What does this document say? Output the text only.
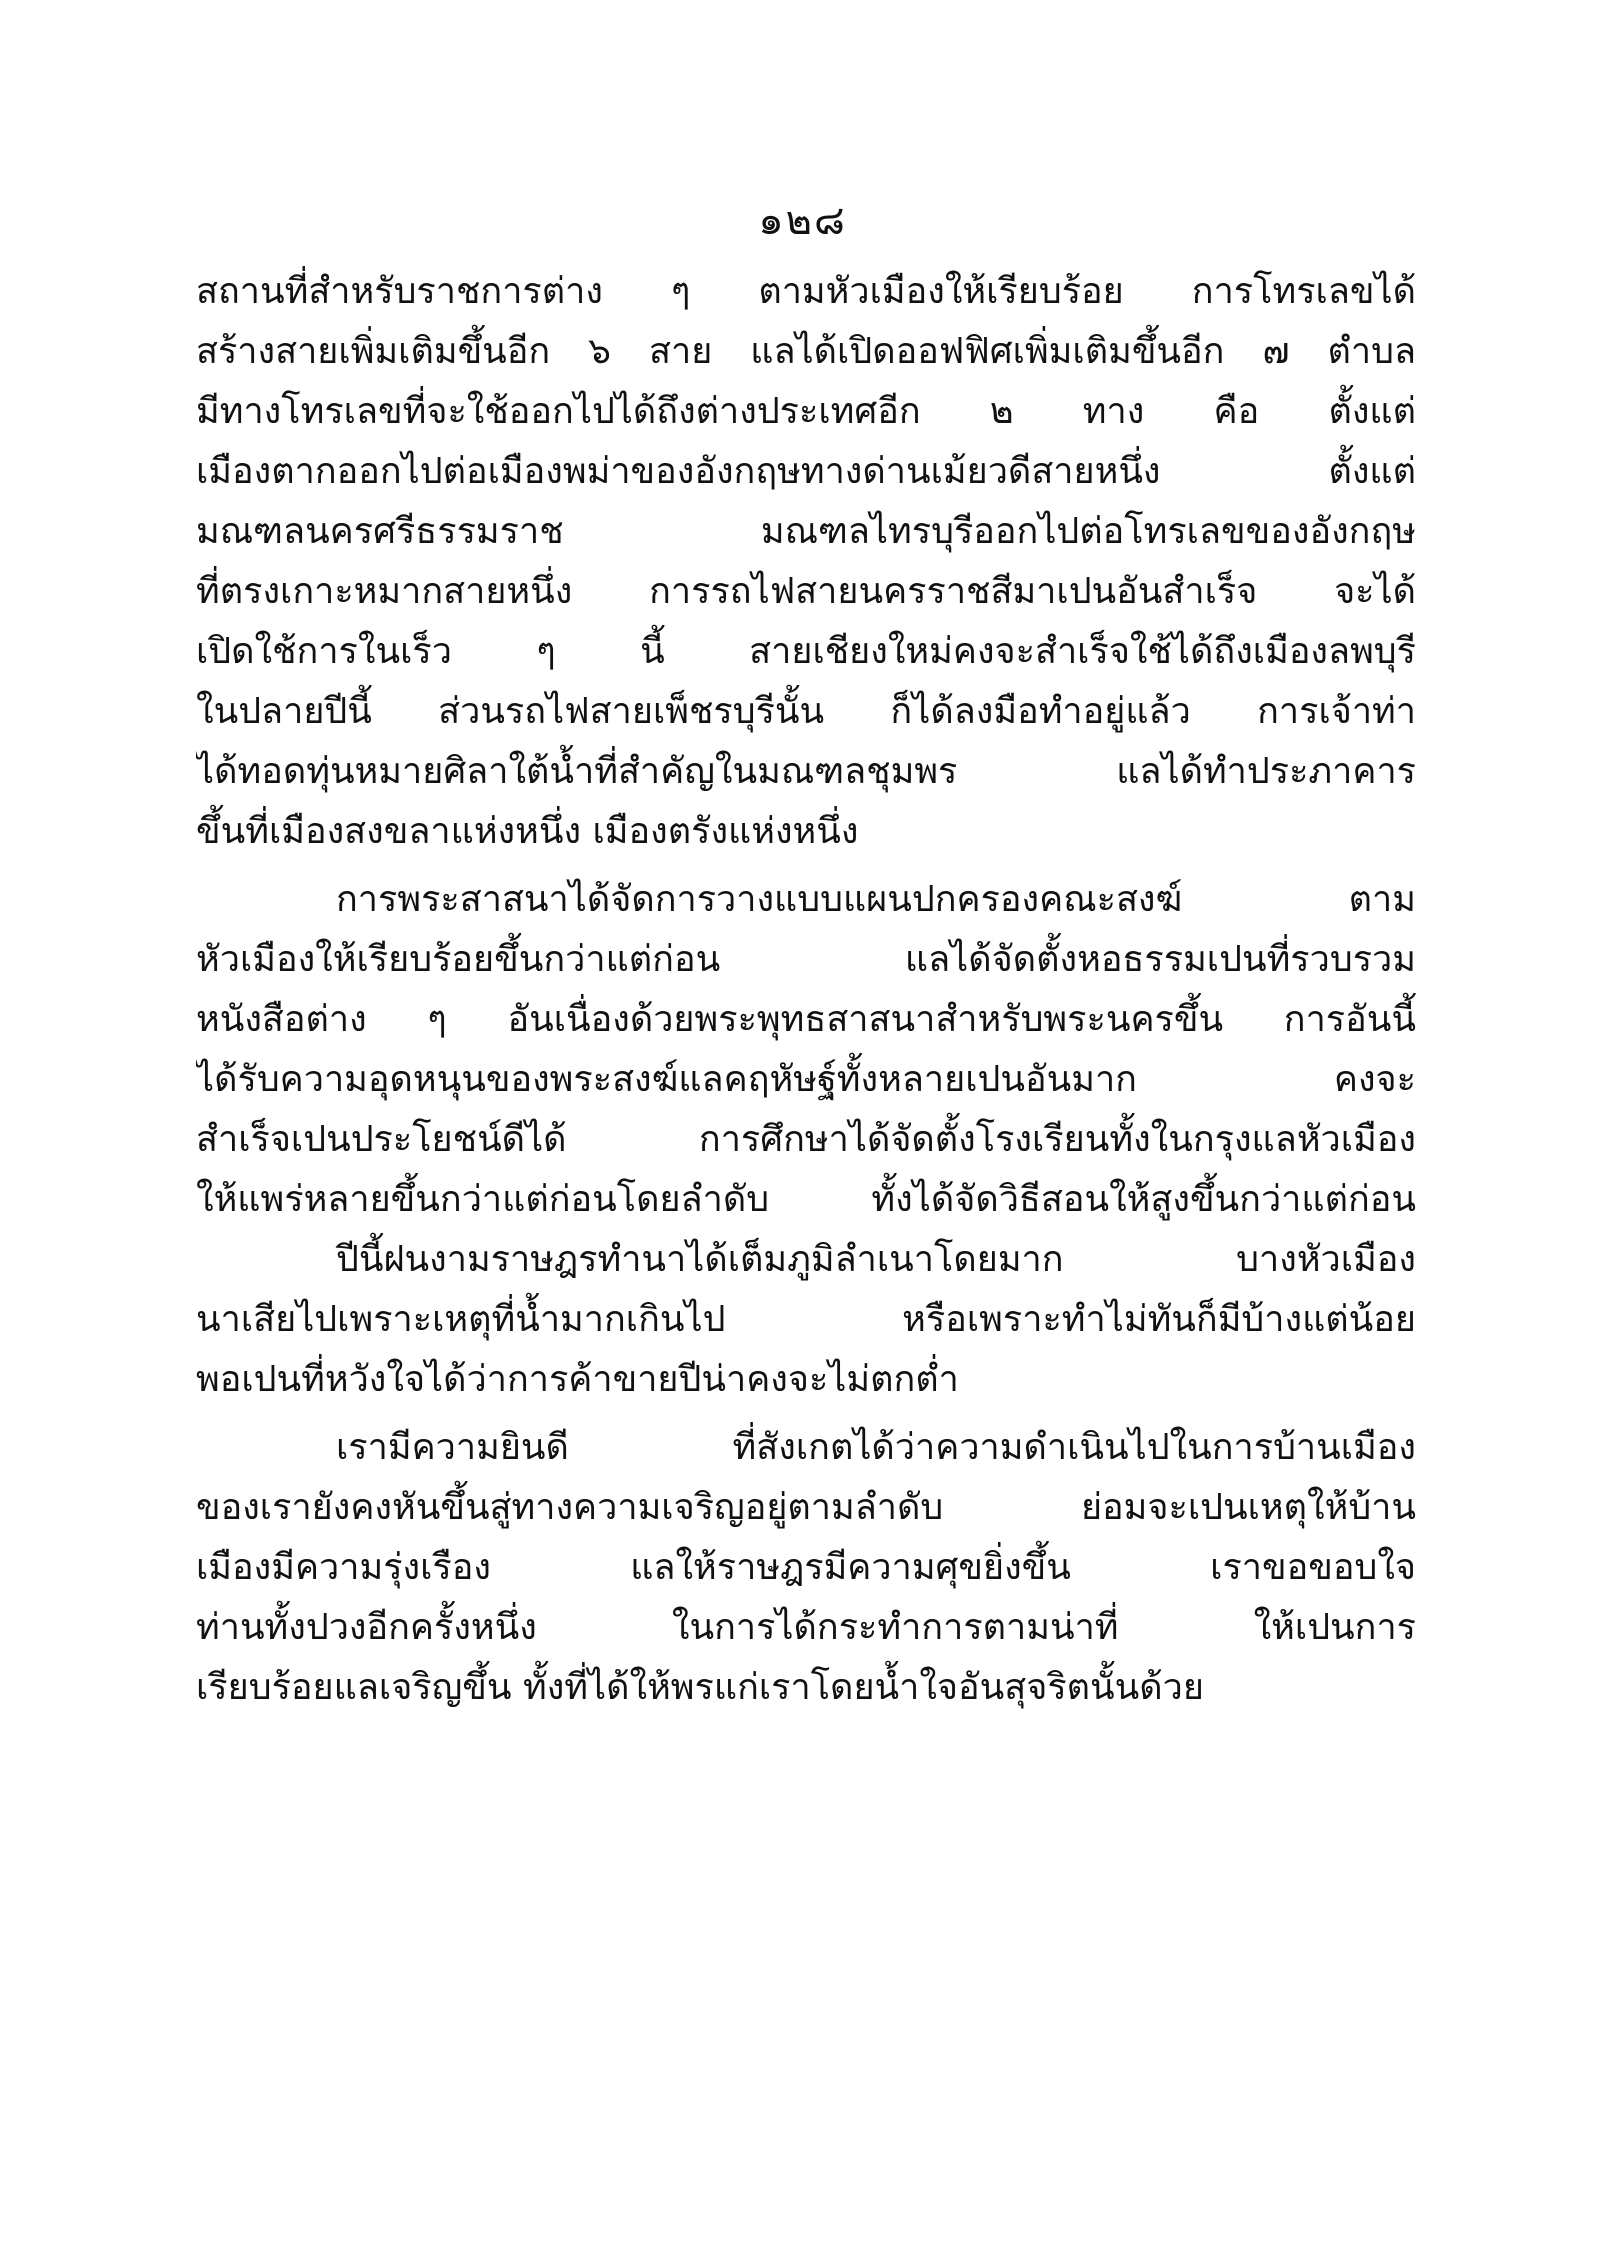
๑๒๘
สถานที่สำหรับราชการต่าง ๆ ตามหัวเมืองให้เรียบร้อย การโทรเลขได้
สร้างสายเพิ่มเติมขึ้นอีก ๖ สาย แลได้เปิดออฟฟิศเพิ่มเติมขึ้นอีก ๗ ตำบล
มีทางโทรเลขที่จะใช้ออกไปได้ถึงต่างประเทศอีก ๒ ทาง คือ ตั้งแต่
เมืองตากออกไปต่อเมืองพม่าของอังกฤษทางด่านเม้ยวดีสายหนึ่ง ตั้งแต่
มณฑลนครศรีธรรมราช มณฑลไทรบุรีออกไปต่อโทรเลขของอังกฤษ
ที่ตรงเกาะหมากสายหนึ่ง การรถไฟสายนครราชสีมาเปนอันสำเร็จ จะได้
เปิดใช้การในเร็ว ๆ นี้ สายเชียงใหม่คงจะสำเร็จใช้ได้ถึงเมืองลพบุรี
ในปลายปีนี้ ส่วนรถไฟสายเพ็ชรบุรีนั้น ก็ได้ลงมือทำอยู่แล้ว การเจ้าท่า
ได้ทอดทุ่นหมายศิลาใต้น้ำที่สำคัญในมณฑลชุมพร แลได้ทำประภาคาร
ขึ้นที่เมืองสงขลาแห่งหนึ่ง เมืองตรังแห่งหนึ่ง
การพระสาสนาได้จัดการวางแบบแผนปกครองคณะสงฆ์ ตาม
หัวเมืองให้เรียบร้อยขึ้นกว่าแต่ก่อน แลได้จัดตั้งหอธรรมเปนที่รวบรวม
หนังสือต่าง ๆ อันเนื่องด้วยพระพุทธสาสนาสำหรับพระนครขึ้น การอันนี้
ได้รับความอุดหนุนของพระสงฆ์แลคฤหัษฐ์ทั้งหลายเปนอันมาก คงจะ
สำเร็จเปนประโยชน์ดีได้ การศึกษาได้จัดตั้งโรงเรียนทั้งในกรุงแลหัวเมือง
ให้แพร่หลายขึ้นกว่าแต่ก่อนโดยลำดับ ทั้งได้จัดวิธีสอนให้สูงขึ้นกว่าแต่ก่อน
ปีนี้ฝนงามราษฎรทำนาได้เต็มภูมิลำเนาโดยมาก บางหัวเมือง
นาเสียไปเพราะเหตุที่น้ำมากเกินไป หรือเพราะทำไม่ทันก็มีบ้างแต่น้อย
พอเปนที่หวังใจได้ว่าการค้าขายปีน่าคงจะไม่ตกต่ำ
เรามีความยินดี ที่สังเกตได้ว่าความดำเนินไปในการบ้านเมือง
ของเรายังคงหันขึ้นสู่ทางความเจริญอยู่ตามลำดับ ย่อมจะเปนเหตุให้บ้าน
เมืองมีความรุ่งเรือง แลให้ราษฎรมีความศุขยิ่งขึ้น เราขอขอบใจ
ท่านทั้งปวงอีกครั้งหนึ่ง ในการได้กระทำการตามน่าที่ ให้เปนการ
เรียบร้อยแลเจริญขึ้น ทั้งที่ได้ให้พรแก่เราโดยน้ำใจอันสุจริตนั้นด้วย
